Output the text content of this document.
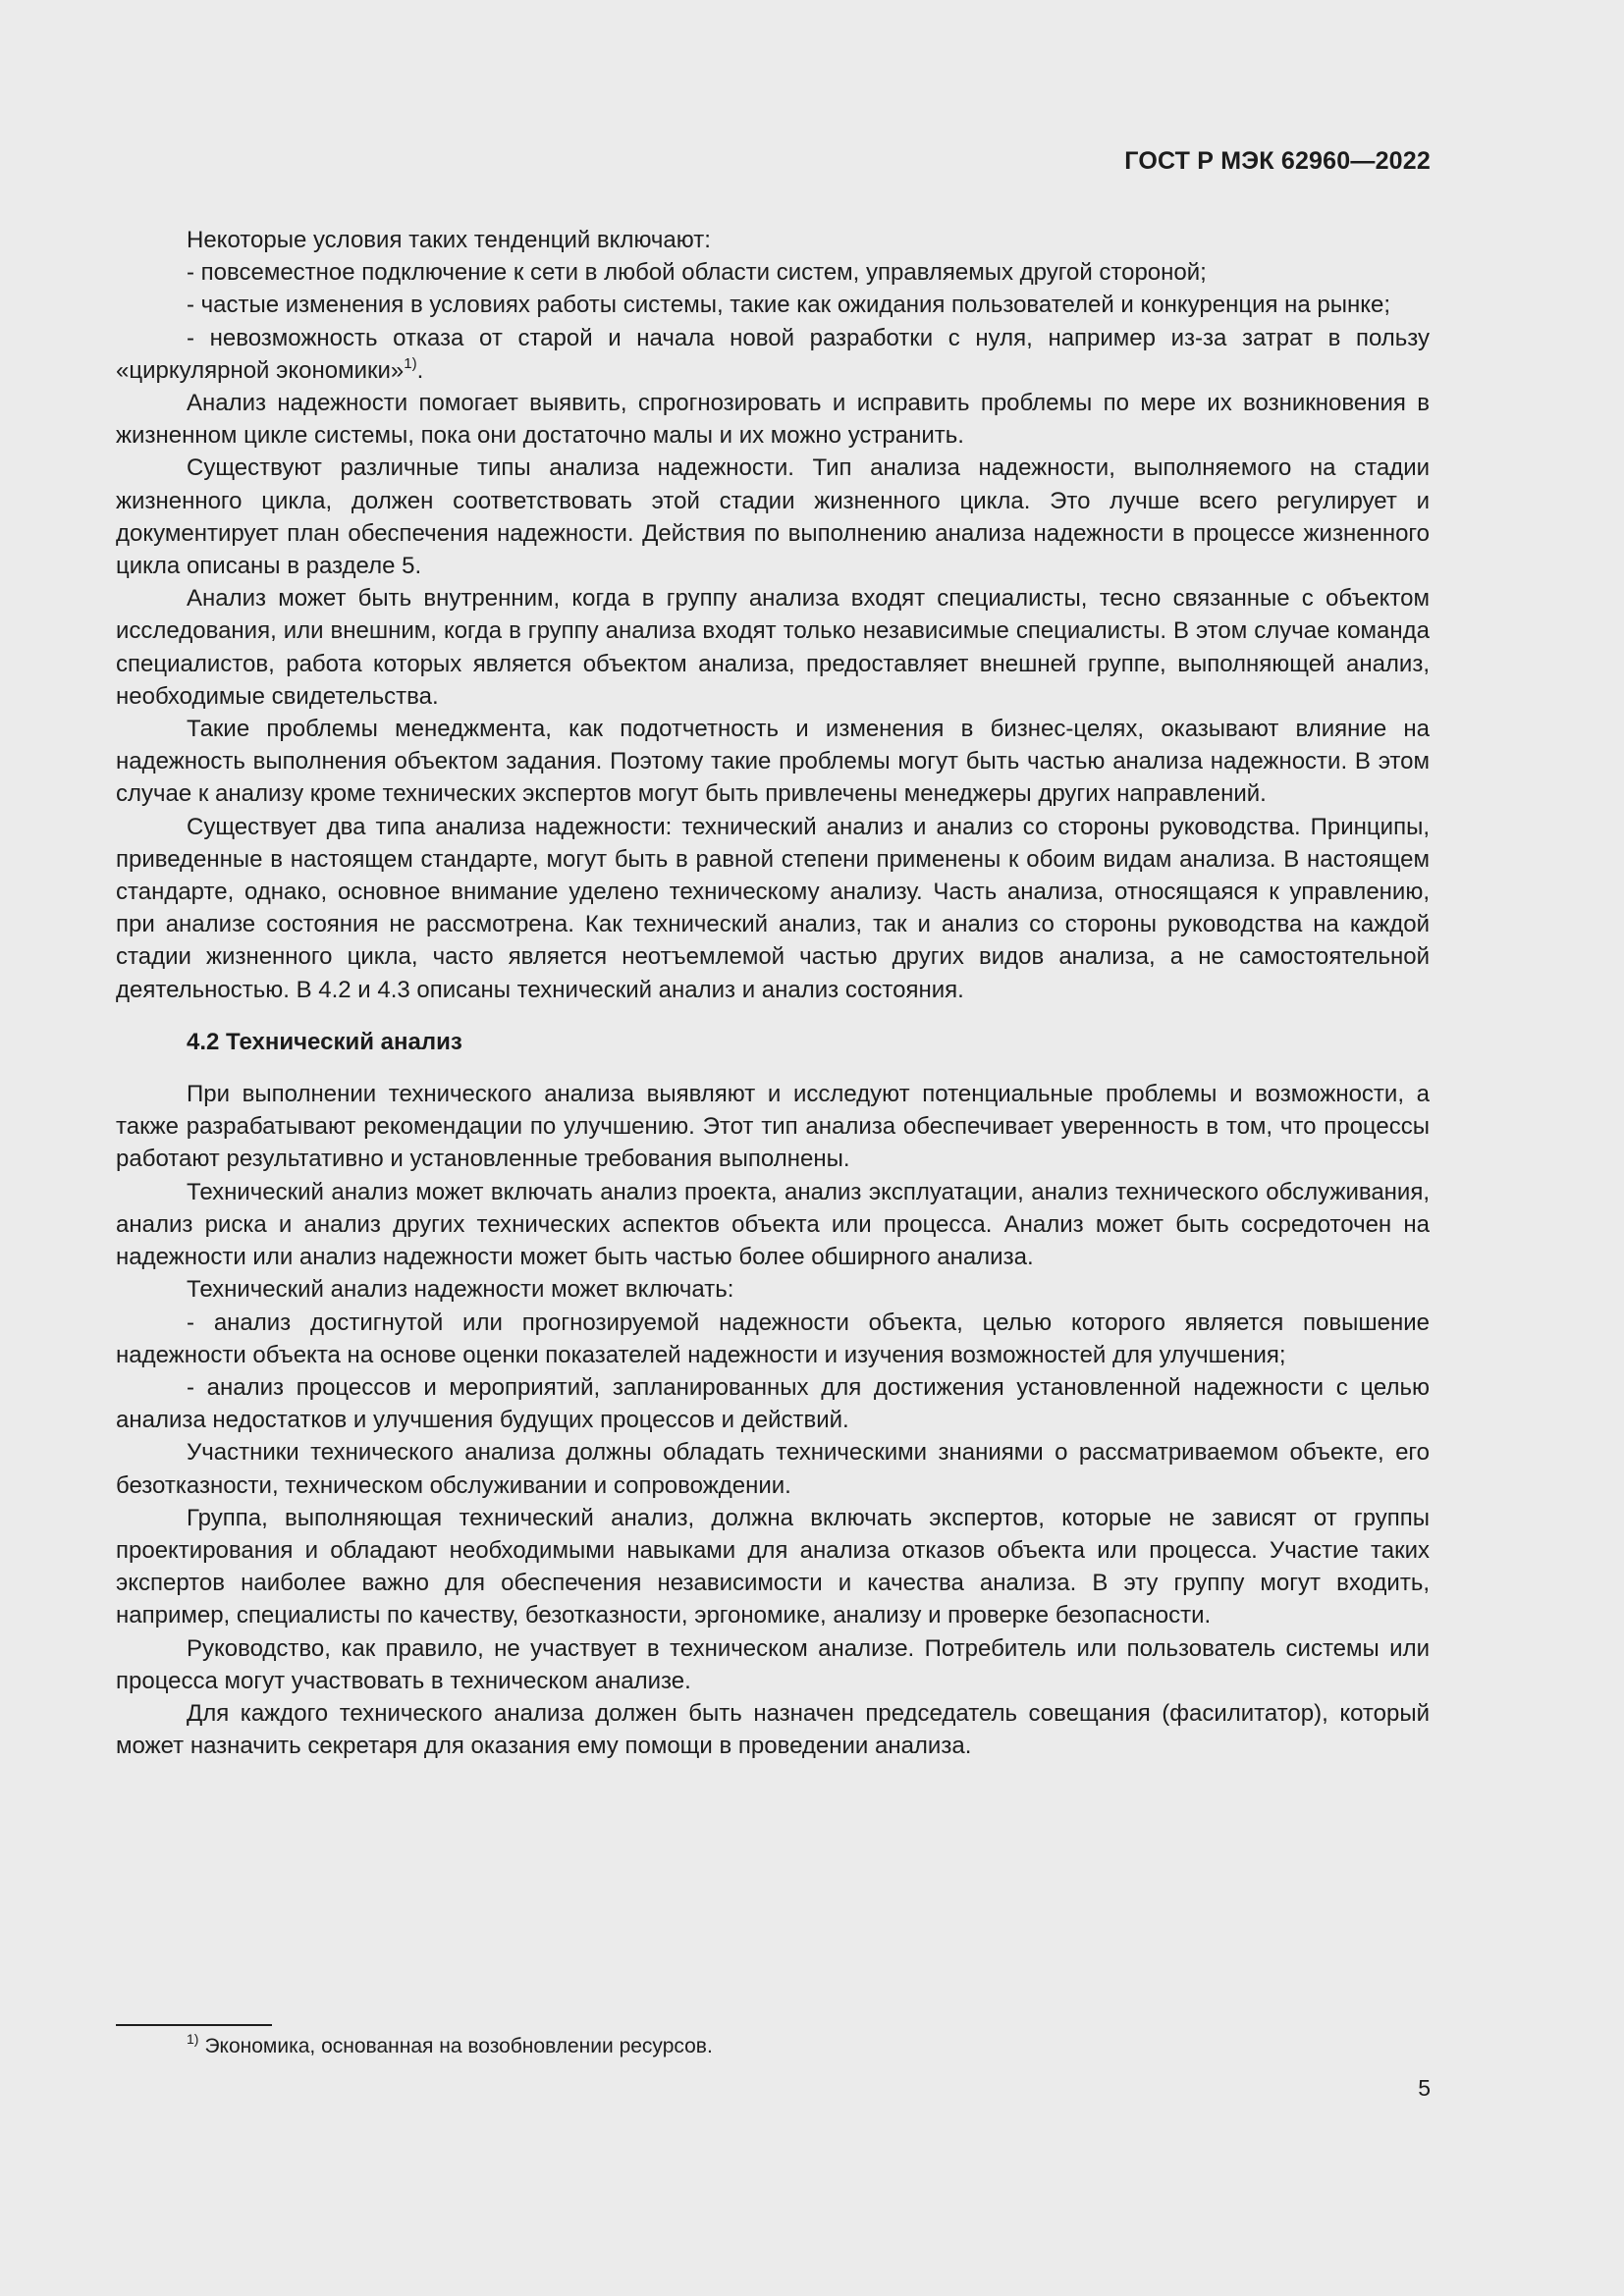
ГОСТ Р МЭК 62960—2022

Некоторые условия таких тенденций включают:

- повсеместное подключение к сети в любой области систем, управляемых другой стороной;

- частые изменения в условиях работы системы, такие как ожидания пользователей и конкуренция на рынке;

- невозможность отказа от старой и начала новой разработки с нуля, например из-за затрат в пользу «циркулярной экономики»$^{1)}$.

Анализ надежности помогает выявить, спрогнозировать и исправить проблемы по мере их возникновения в жизненном цикле системы, пока они достаточно малы и их можно устранить.

Существуют различные типы анализа надежности. Тип анализа надежности, выполняемого на стадии жизненного цикла, должен соответствовать этой стадии жизненного цикла. Это лучше всего регулирует и документирует план обеспечения надежности. Действия по выполнению анализа надежности в процессе жизненного цикла описаны в разделе 5.

Анализ может быть внутренним, когда в группу анализа входят специалисты, тесно связанные с объектом исследования, или внешним, когда в группу анализа входят только независимые специалисты. В этом случае команда специалистов, работа которых является объектом анализа, предоставляет внешней группе, выполняющей анализ, необходимые свидетельства.

Такие проблемы менеджмента, как подотчетность и изменения в бизнес-целях, оказывают влияние на надежность выполнения объектом задания. Поэтому такие проблемы могут быть частью анализа надежности. В этом случае к анализу кроме технических экспертов могут быть привлечены менеджеры других направлений.

Существует два типа анализа надежности: технический анализ и анализ со стороны руководства. Принципы, приведенные в настоящем стандарте, могут быть в равной степени применены к обоим видам анализа. В настоящем стандарте, однако, основное внимание уделено техническому анализу. Часть анализа, относящаяся к управлению, при анализе состояния не рассмотрена. Как технический анализ, так и анализ со стороны руководства на каждой стадии жизненного цикла, часто является неотъемлемой частью других видов анализа, а не самостоятельной деятельностью. В 4.2 и 4.3 описаны технический анализ и анализ состояния.

4.2 Технический анализ

При выполнении технического анализа выявляют и исследуют потенциальные проблемы и возможности, а также разрабатывают рекомендации по улучшению. Этот тип анализа обеспечивает уверенность в том, что процессы работают результативно и установленные требования выполнены.

Технический анализ может включать анализ проекта, анализ эксплуатации, анализ технического обслуживания, анализ риска и анализ других технических аспектов объекта или процесса. Анализ может быть сосредоточен на надежности или анализ надежности может быть частью более обширного анализа.

Технический анализ надежности может включать:

- анализ достигнутой или прогнозируемой надежности объекта, целью которого является повышение надежности объекта на основе оценки показателей надежности и изучения возможностей для улучшения;

- анализ процессов и мероприятий, запланированных для достижения установленной надежности с целью анализа недостатков и улучшения будущих процессов и действий.

Участники технического анализа должны обладать техническими знаниями о рассматриваемом объекте, его безотказности, техническом обслуживании и сопровождении.

Группа, выполняющая технический анализ, должна включать экспертов, которые не зависят от группы проектирования и обладают необходимыми навыками для анализа отказов объекта или процесса. Участие таких экспертов наиболее важно для обеспечения независимости и качества анализа. В эту группу могут входить, например, специалисты по качеству, безотказности, эргономике, анализу и проверке безопасности.

Руководство, как правило, не участвует в техническом анализе. Потребитель или пользователь системы или процесса могут участвовать в техническом анализе.

Для каждого технического анализа должен быть назначен председатель совещания (фасилитатор), который может назначить секретаря для оказания ему помощи в проведении анализа.

$^{1)}$ Экономика, основанная на возобновлении ресурсов.
5
